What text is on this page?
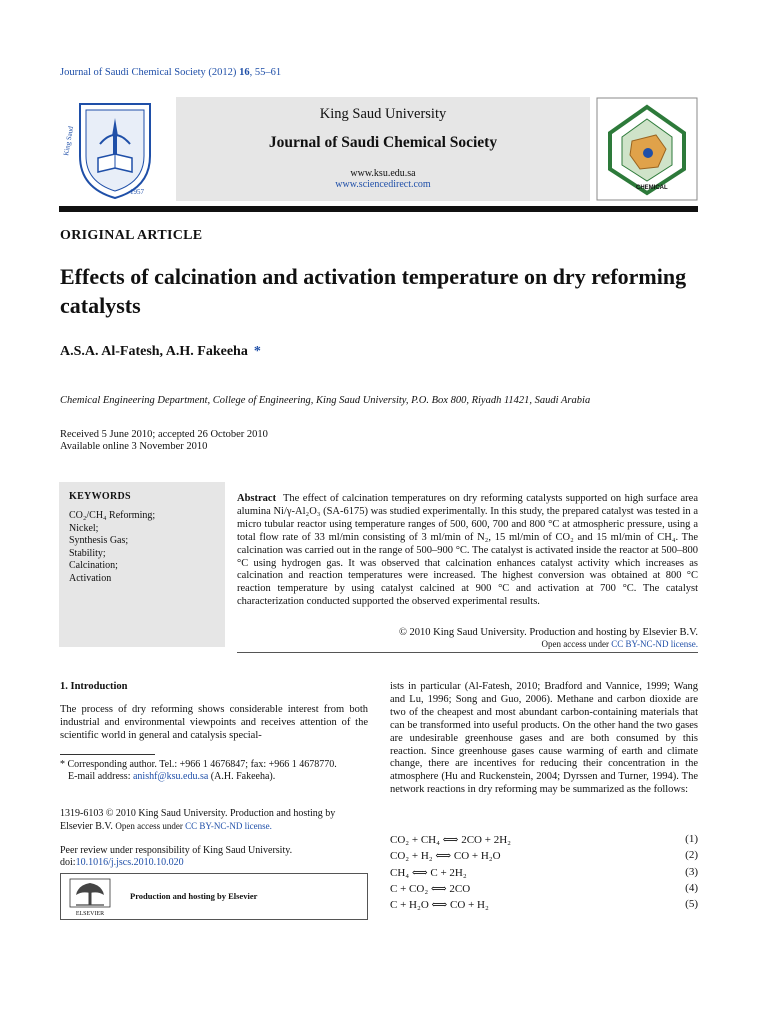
Journal of Saudi Chemical Society (2012) 16, 55–61
King Saud
1957
King Saud University
Journal of Saudi Chemical Society
www.ksu.edu.sa
www.sciencedirect.com	CHEMICAL
ORIGINAL ARTICLE
Effects of calcination and activation temperature on dry reforming catalysts
A.S.A. Al-Fatesh, A.H. Fakeeha *
Chemical Engineering Department, College of Engineering, King Saud University, P.O. Box 800, Riyadh 11421, Saudi Arabia
Received 5 June 2010; accepted 26 October 2010
Available online 3 November 2010
KEYWORDS
CO₂/CH₄ Reforming;
Nickel;
Synthesis Gas;
Stability;
Calcination;
Activation
Abstract The effect of calcination temperatures on dry reforming catalysts supported on high surface area alumina Ni/γ-Al₂O₃ (SA-6175) was studied experimentally. In this study, the prepared catalyst was tested in a micro tubular reactor using temperature ranges of 500, 600, 700 and 800 °C at atmospheric pressure, using a total flow rate of 33 ml/min consisting of 3 ml/min of N₂, 15 ml/min of CO₂ and 15 ml/min of CH₄. The calcination was carried out in the range of 500–900 °C. The catalyst is activated inside the reactor at 500–800 °C using hydrogen gas. It was observed that calcination enhances catalyst activity which increases as calcination and reaction temperatures were increased. The highest conversion was obtained at 800 °C reaction temperature by using catalyst calcined at 900 °C and activation at 700 °C. The catalyst characterization conducted supported the observed experimental results.
© 2010 King Saud University. Production and hosting by Elsevier B.V.
Open access under CC BY-NC-ND license.
1. Introduction
The process of dry reforming shows considerable interest from both industrial and environmental viewpoints and receives attention of the scientific world in general and catalysis special-
* Corresponding author. Tel.: +966 1 4676847; fax: +966 1 4678770.
E-mail address: anishf@ksu.edu.sa (A.H. Fakeeha).
1319-6103 © 2010 King Saud University. Production and hosting by Elsevier B.V. Open access under CC BY-NC-ND license.
Peer review under responsibility of King Saud University.
doi:10.1016/j.jscs.2010.10.020
ELSEVIER
Production and hosting by Elsevier
ists in particular (Al-Fatesh, 2010; Bradford and Vannice, 1999; Wang and Lu, 1996; Song and Guo, 2006). Methane and carbon dioxide are two of the cheapest and most abundant carbon-containing materials that can be transformed into useful products. On the other hand the two gases are undesirable greenhouse gases and are both consumed by this reaction. Since greenhouse gases cause warming of earth and climate change, there are incentives for reducing their concentration in the atmosphere (Hu and Ruckenstein, 2004; Dyrssen and Turner, 1994). The network reactions in dry reforming may be summarized as the follows:
CO₂ + CH₄ ⟺ 2CO + 2H₂	(1)
CO₂ + H₂ ⟺ CO + H₂O	(2)
CH₄ ⟺ C + 2H₂	(3)
C + CO₂ ⟺ 2CO	(4)
C + H₂O ⟺ CO + H₂	(5)
